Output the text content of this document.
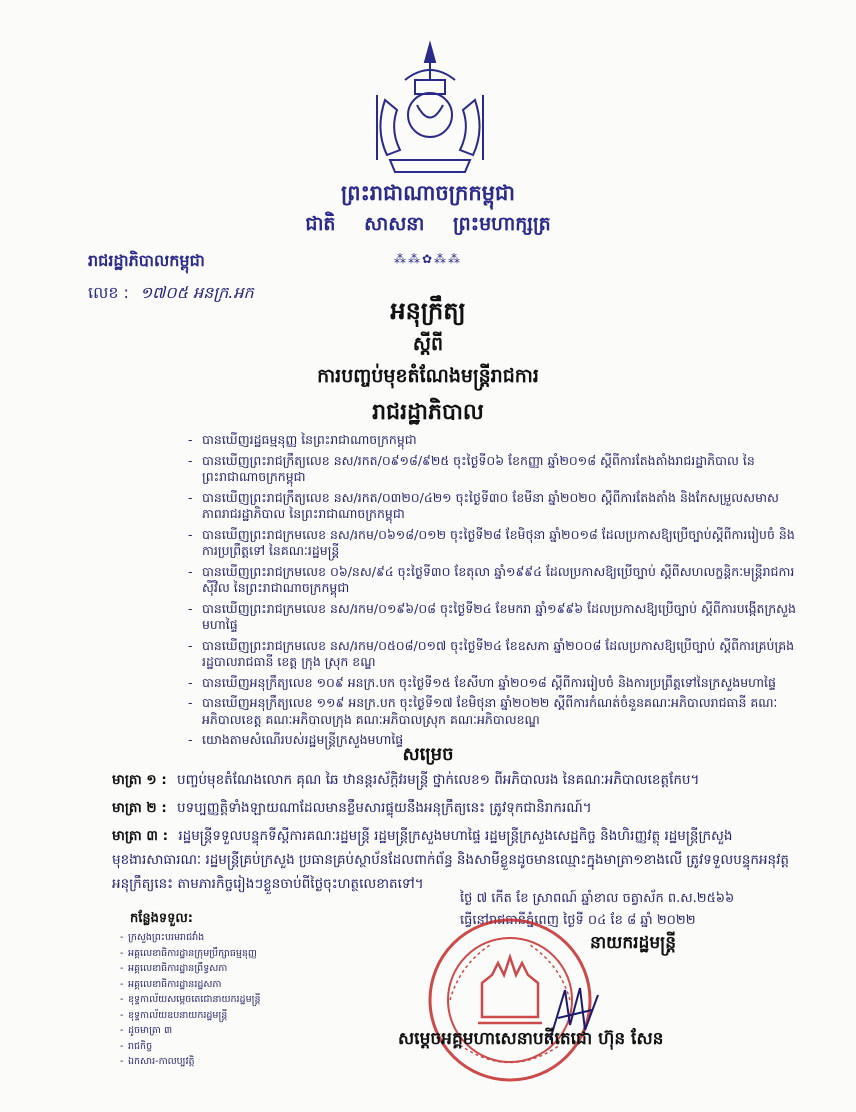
ព្រះរាជាណាចក្រកម្ពុជា
ជាតិ សាសនា ព្រះមហាក្សត្រ
⁂⁂✿⁂⁂
រាជរដ្ឋាភិបាលកម្ពុជា
លេខ : ១៧០៥ អនក្រ.អក
អនុក្រឹត្យ
ស្តីពី
ការបញ្ចប់មុខតំណែងមន្ត្រីរាជការ
រាជរដ្ឋាភិបាល
- បានឃើញរដ្ឋធម្មនុញ្ញ នៃព្រះរាជាណាចក្រកម្ពុជា
- បានឃើញព្រះរាជក្រឹត្យលេខ នស/រកត/០៩១៨/៩២៥ ចុះថ្ងៃទី០៦ ខែកញ្ញា ឆ្នាំ២០១៨ ស្តីពីការតែងតាំងរាជរដ្ឋាភិបាល នៃព្រះរាជាណាចក្រកម្ពុជា
- បានឃើញព្រះរាជក្រឹត្យលេខ នស/រកត/០៣២០/៤២១ ចុះថ្ងៃទី៣០ ខែមីនា ឆ្នាំ២០២០ ស្តីពីការតែងតាំង និងកែសម្រួលសមាសភាពរាជរដ្ឋាភិបាល នៃព្រះរាជាណាចក្រកម្ពុជា
- បានឃើញព្រះរាជក្រមលេខ នស/រកម/០៦១៨/០១២ ចុះថ្ងៃទី២៨ ខែមិថុនា ឆ្នាំ២០១៨ ដែលប្រកាសឱ្យប្រើច្បាប់ស្តីពីការរៀបចំ និងការប្រព្រឹត្តទៅ នៃគណៈរដ្ឋមន្ត្រី
- បានឃើញព្រះរាជក្រមលេខ ០៦/នស/៩៤ ចុះថ្ងៃទី៣០ ខែតុលា ឆ្នាំ១៩៩៤ ដែលប្រកាសឱ្យប្រើច្បាប់ ស្តីពីសហលក្ខន្តិកៈមន្ត្រីរាជការស៊ីវិល នៃព្រះរាជាណាចក្រកម្ពុជា
- បានឃើញព្រះរាជក្រមលេខ នស/រកម/០១៩៦/០៨ ចុះថ្ងៃទី២៤ ខែមករា ឆ្នាំ១៩៩៦ ដែលប្រកាសឱ្យប្រើច្បាប់ ស្តីពីការបង្កើតក្រសួងមហាផ្ទៃ
- បានឃើញព្រះរាជក្រមលេខ នស/រកម/០៥០៨/០១៧ ចុះថ្ងៃទី២៤ ខែឧសភា ឆ្នាំ២០០៨ ដែលប្រកាសឱ្យប្រើច្បាប់ ស្តីពីការគ្រប់គ្រងរដ្ឋបាលរាជធានី ខេត្ត ក្រុង ស្រុក ខណ្ឌ
- បានឃើញអនុក្រឹត្យលេខ ១០៩ អនក្រ.បក ចុះថ្ងៃទី១៥ ខែសីហា ឆ្នាំ២០១៨ ស្តីពីការរៀបចំ និងការប្រព្រឹត្តទៅនៃក្រសួងមហាផ្ទៃ
- បានឃើញអនុក្រឹត្យលេខ ១១៩ អនក្រ.បក ចុះថ្ងៃទី១៧ ខែមិថុនា ឆ្នាំ២០២២ ស្តីពីការកំណត់ចំនួនគណៈអភិបាលរាជធានី គណៈអភិបាលខេត្ត គណៈអភិបាលក្រុង គណៈអភិបាលស្រុក គណៈអភិបាលខណ្ឌ
- យោងតាមសំណើរបស់រដ្ឋមន្ត្រីក្រសួងមហាផ្ទៃ
សម្រេច
មាត្រា ១ : បញ្ចប់មុខតំណែងលោក គុណ ឆៃ ឋានន្តរស័ក្តិវរមន្ត្រី ថ្នាក់លេខ១ ពីអភិបាលរង នៃគណៈអភិបាលខេត្តកែប។
មាត្រា ២ : បទប្បញ្ញត្តិទាំងឡាយណាដែលមានខ្លឹមសារផ្ទុយនឹងអនុក្រឹត្យនេះ ត្រូវទុកជានិរាករណ៍។
មាត្រា ៣ : រដ្ឋមន្ត្រីទទួលបន្ទុកទីស្តីការគណៈរដ្ឋមន្ត្រី រដ្ឋមន្ត្រីក្រសួងមហាផ្ទៃ រដ្ឋមន្ត្រីក្រសួងសេដ្ឋកិច្ច និងហិរញ្ញវត្ថុ រដ្ឋមន្ត្រីក្រសួងមុខងារសាធារណៈ រដ្ឋមន្ត្រីគ្រប់ក្រសួង ប្រធានគ្រប់ស្ថាប័នដែលពាក់ព័ន្ធ និងសាមីខ្លួនដូចមានឈ្មោះក្នុងមាត្រា១ខាងលើ ត្រូវទទួលបន្ទុកអនុវត្តអនុក្រឹត្យនេះ តាមភារកិច្ចរៀងៗខ្លួនចាប់ពីថ្ងៃចុះហត្ថលេខាតទៅ។
ថ្ងៃ ៧ កើត ខែ ស្រាពណ៍ ឆ្នាំខាល ចត្វាស័ក ព.ស.២៥៦៦
ធ្វើនៅរាជធានីភ្នំពេញ ថ្ងៃទី ០៤ ខែ ៨ ឆ្នាំ ២០២២
កន្លែងទទួល:
- ក្រសួងព្រះបរមរាជវាំង
- អគ្គលេខាធិការដ្ឋានក្រុមប្រឹក្សាធម្មនុញ្ញ
- អគ្គលេខាធិការដ្ឋានព្រឹទ្ធសភា
- អគ្គលេខាធិការដ្ឋានរដ្ឋសភា
- ខុទ្ទកាល័យសម្តេចតេជោនាយករដ្ឋមន្ត្រី
- ខុទ្ទកាល័យឧបនាយករដ្ឋមន្ត្រី
- ដូចមាត្រា ៣
- រាជកិច្ច
- ឯកសារ-កាលប្បវត្តិ
នាយករដ្ឋមន្ត្រី
សម្តេចអគ្គមហាសេនាបតីតេជោ ហ៊ុន សែន
